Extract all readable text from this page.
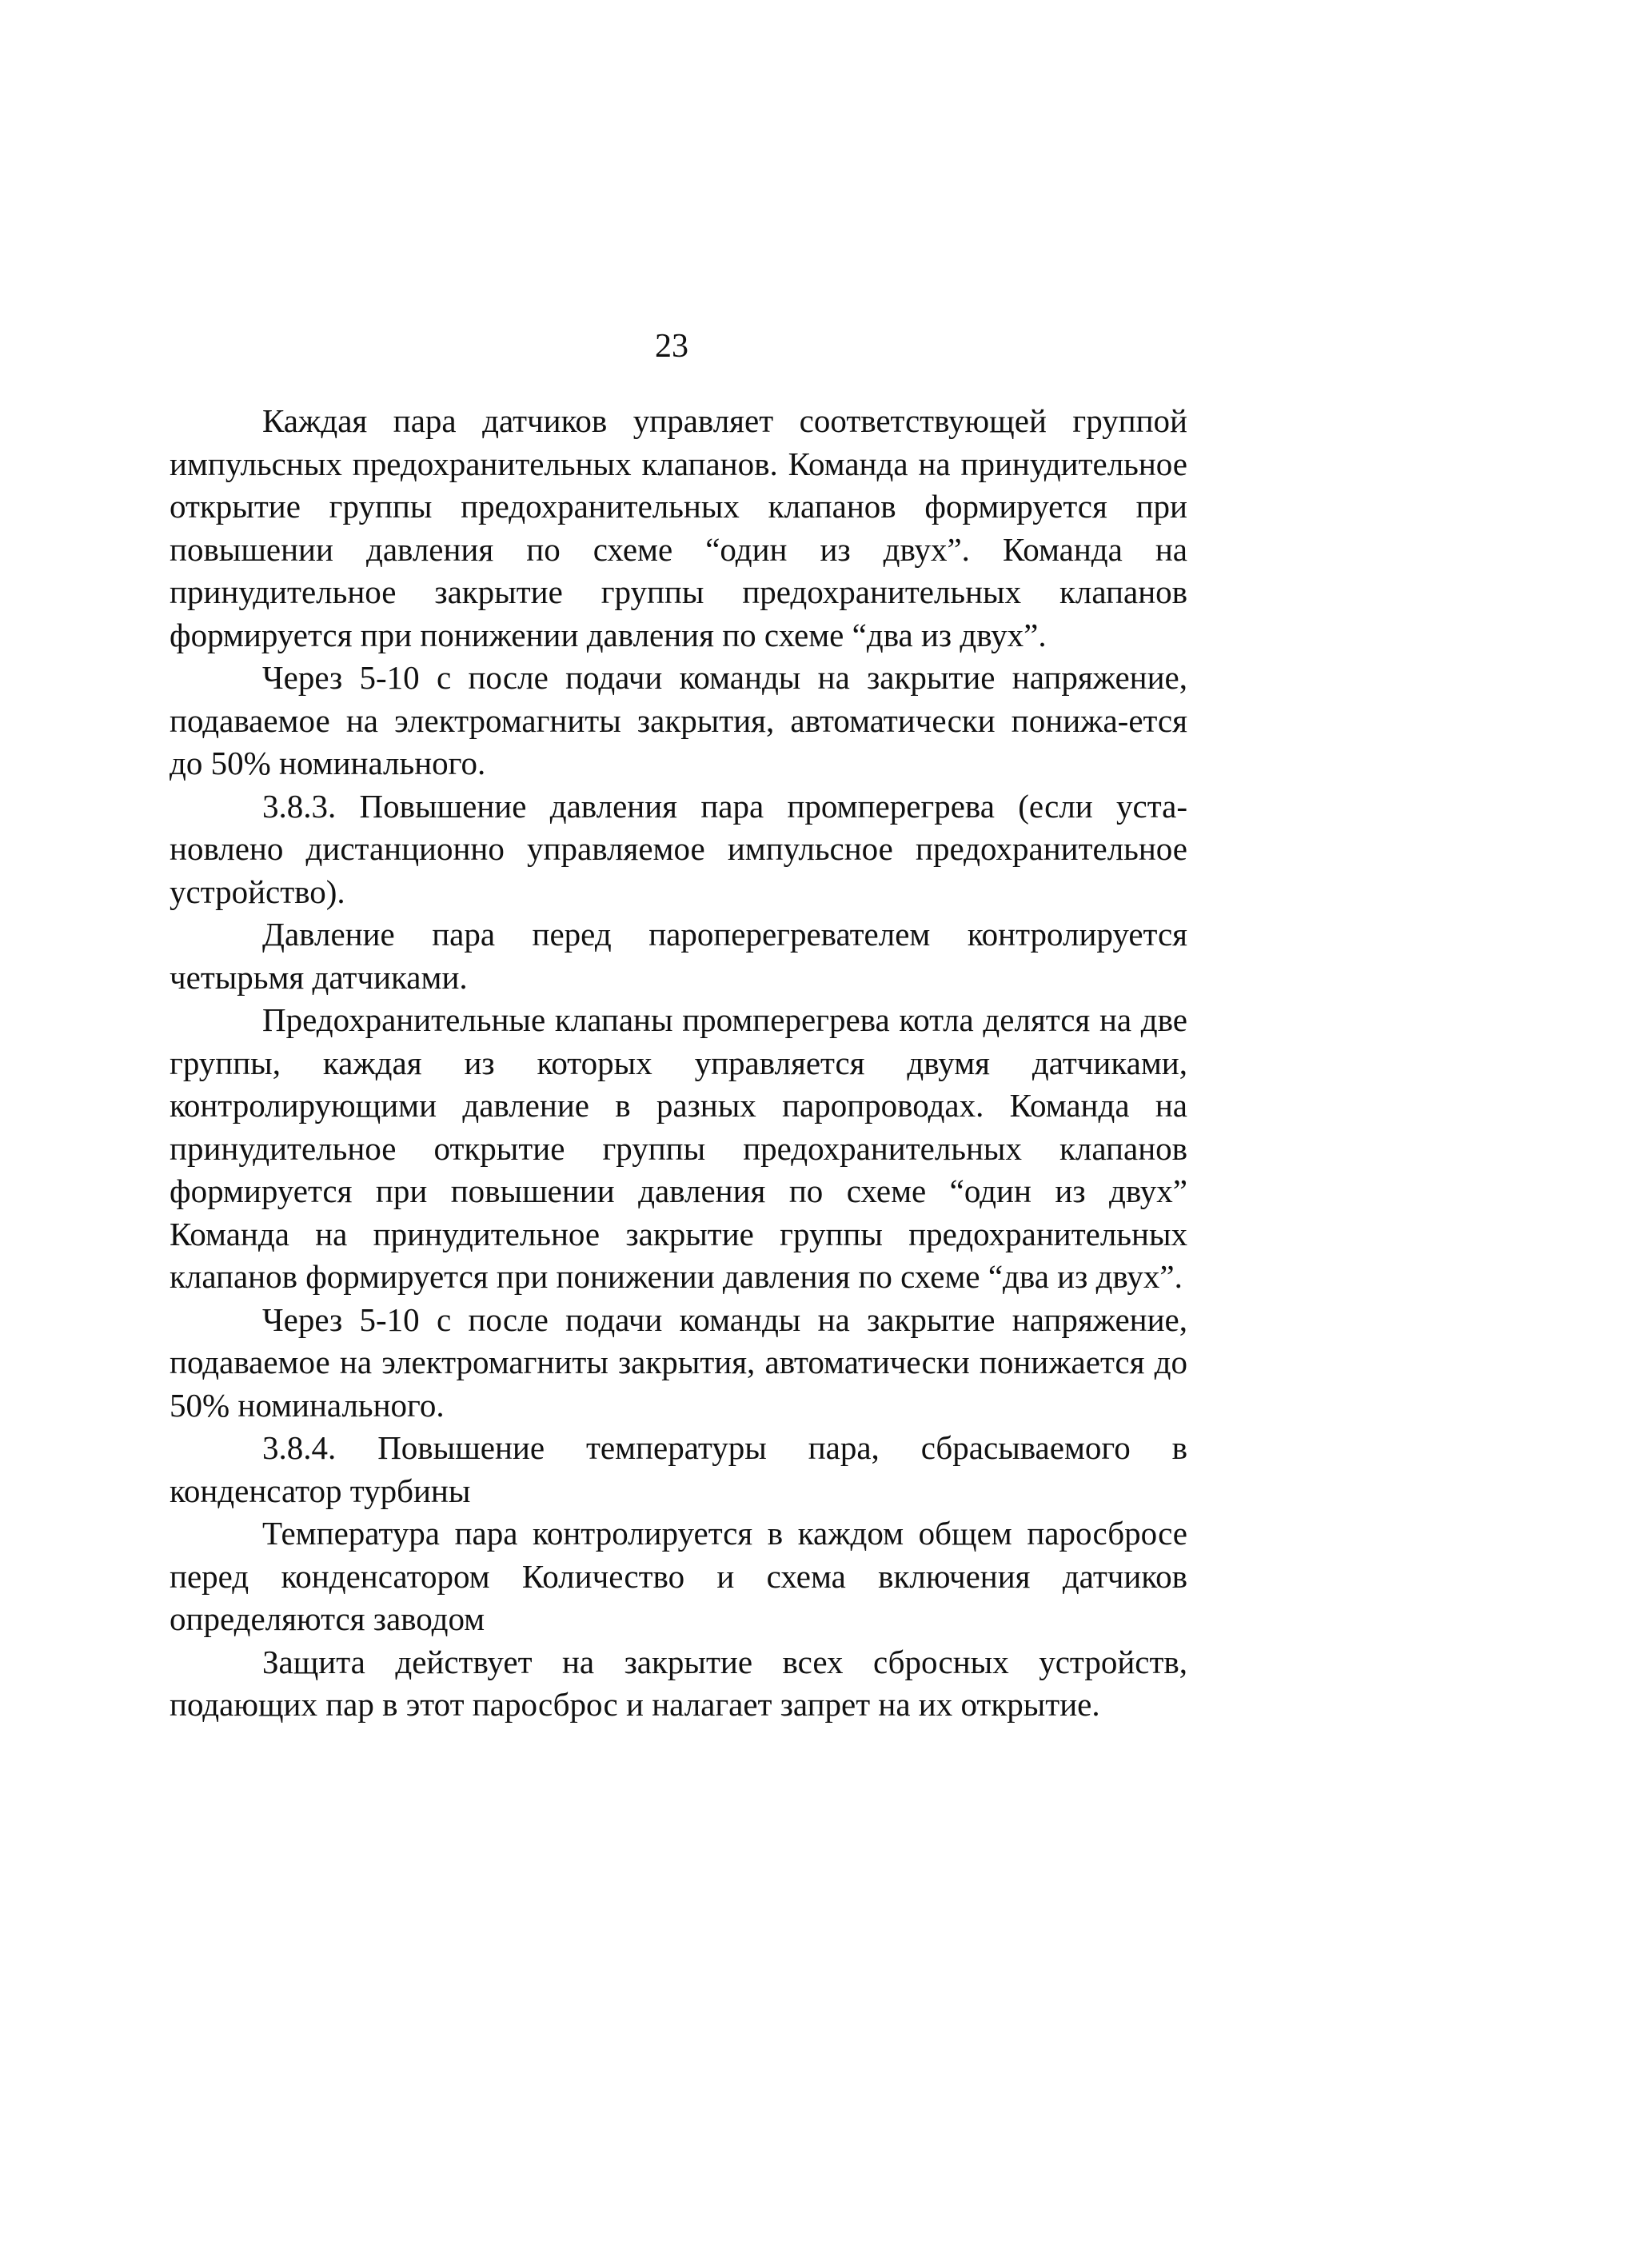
23

Каждая пара датчиков управляет соответствующей группой импульсных предохранительных клапанов. Команда на принудительное открытие группы предохранительных клапанов формируется при повышении давления по схеме “один из двух”. Команда на принудительное закрытие группы предохранительных клапанов формируется при понижении давления по схеме “два из двух”.

Через 5-10 с после подачи команды на закрытие напряжение, подаваемое на электромагниты закрытия, автоматически понижа-ется до 50% номинального.

3.8.3. Повышение давления пара промперегрева (если уста-новлено дистанционно управляемое импульсное предохранительное устройство).

Давление пара перед пароперегревателем контролируется четырьмя датчиками.

Предохранительные клапаны промперегрева котла делятся на две группы, каждая из которых управляется двумя датчиками, контролирующими давление в разных паропроводах. Команда на принудительное открытие группы предохранительных клапанов формируется при повышении давления по схеме “один из двух” Команда на принудительное закрытие группы предохранительных клапанов формируется при понижении давления по схеме “два из двух”.

Через 5-10 с после подачи команды на закрытие напряжение, подаваемое на электромагниты закрытия, автоматически понижается до 50% номинального.

3.8.4. Повышение температуры пара, сбрасываемого в конденсатор турбины

Температура пара контролируется в каждом общем паросбросе перед конденсатором Количество и схема включения датчиков определяются заводом

Защита действует на закрытие всех сбросных устройств, подающих пар в этот паросброс и налагает запрет на их открытие.
